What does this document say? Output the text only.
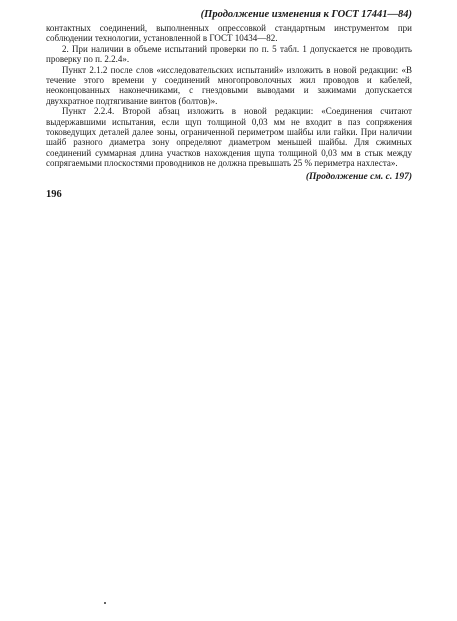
(Продолжение изменения к ГОСТ 17441—84)

контактных соединений, выполненных опрессовкой стандартным инструментом при соблюдении технологии, установленной в ГОСТ 10434—82.

2. При наличии в объеме испытаний проверки по п. 5 табл. 1 допускается не проводить проверку по п. 2.2.4».

Пункт 2.1.2 после слов «исследовательских испытаний» изложить в новой редакции: «В течение этого времени у соединений многопроволочных жил проводов и кабелей, неоконцованных наконечниками, с гнездовыми выводами и зажимами допускается двухкратное подтягивание винтов (болтов)».

Пункт 2.2.4. Второй абзац изложить в новой редакции: «Соединения считают выдержавшими испытания, если щуп толщиной 0,03 мм не входит в паз сопряжения токоведущих деталей далее зоны, ограниченной периметром шайбы или гайки. При наличии шайб разного диаметра зону определяют диаметром меньшей шайбы. Для сжимных соединений суммарная длина участков нахождения щупа толщиной 0,03 мм в стык между сопрягаемыми плоскостями проводников не должна превышать 25 % периметра нахлеста».

(Продолжение см. с. 197)
196
